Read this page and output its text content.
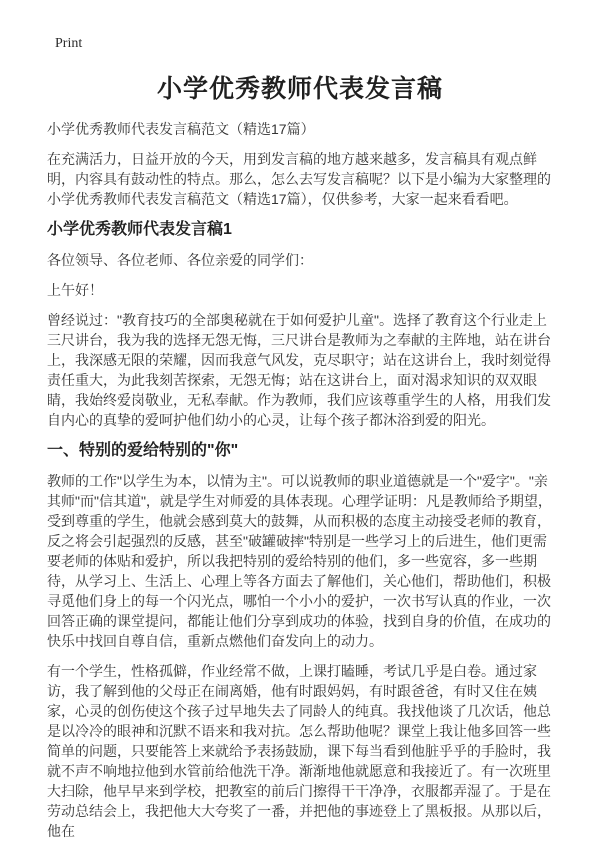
Print
小学优秀教师代表发言稿

小学优秀教师代表发言稿范文（精选17篇）

在充满活力，日益开放的今天，用到发言稿的地方越来越多，发言稿具有观点鲜明，内容具有鼓动性的特点。那么，怎么去写发言稿呢？以下是小编为大家整理的小学优秀教师代表发言稿范文（精选17篇），仅供参考，大家一起来看看吧。

小学优秀教师代表发言稿1

各位领导、各位老师、各位亲爱的同学们：

上午好！

曾经说过："教育技巧的全部奥秘就在于如何爱护儿童"。选择了教育这个行业走上三尺讲台，我为我的选择无怨无悔，三尺讲台是教师为之奉献的主阵地，站在讲台上，我深感无限的荣耀，因而我意气风发，克尽职守；站在这讲台上，我时刻觉得责任重大，为此我刻苦探索，无怨无悔；站在这讲台上，面对渴求知识的双双眼睛，我始终爱岗敬业，无私奉献。作为教师，我们应该尊重学生的人格，用我们发自内心的真挚的爱呵护他们幼小的心灵，让每个孩子都沐浴到爱的阳光。

一、特别的爱给特别的"你"

教师的工作"以学生为本，以情为主"。可以说教师的职业道德就是一个"爱字"。"亲其师"而"信其道"，就是学生对师爱的具体表现。心理学证明：凡是教师给予期望，受到尊重的学生，他就会感到莫大的鼓舞，从而积极的态度主动接受老师的教育，反之将会引起强烈的反感，甚至"破罐破摔"特别是一些学习上的后进生，他们更需要老师的体贴和爱护，所以我把特别的爱给特别的他们，多一些宽容，多一些期待，从学习上、生活上、心理上等各方面去了解他们，关心他们，帮助他们，积极寻觅他们身上的每一个闪光点，哪怕一个小小的爱护，一次书写认真的作业，一次回答正确的课堂提问，都能让他们分享到成功的体验，找到自身的价值，在成功的快乐中找回自尊自信，重新点燃他们奋发向上的动力。

有一个学生，性格孤僻，作业经常不做，上课打瞌睡，考试几乎是白卷。通过家访，我了解到他的父母正在闹离婚，他有时跟妈妈，有时跟爸爸，有时又住在姨家，心灵的创伤使这个孩子过早地失去了同龄人的纯真。我找他谈了几次话，他总是以冷冷的眼神和沉默不语来和我对抗。怎么帮助他呢？课堂上我让他多回答一些简单的问题，只要能答上来就给予表扬鼓励，课下每当看到他脏乎乎的手脸时，我就不声不响地拉他到水管前给他洗干净。渐渐地他就愿意和我接近了。有一次班里大扫除，他早早来到学校，把教室的前后门擦得干干净净，衣服都弄湿了。于是在劳动总结会上，我把他大大夸奖了一番，并把他的事迹登上了黑板报。从那以后，他在
